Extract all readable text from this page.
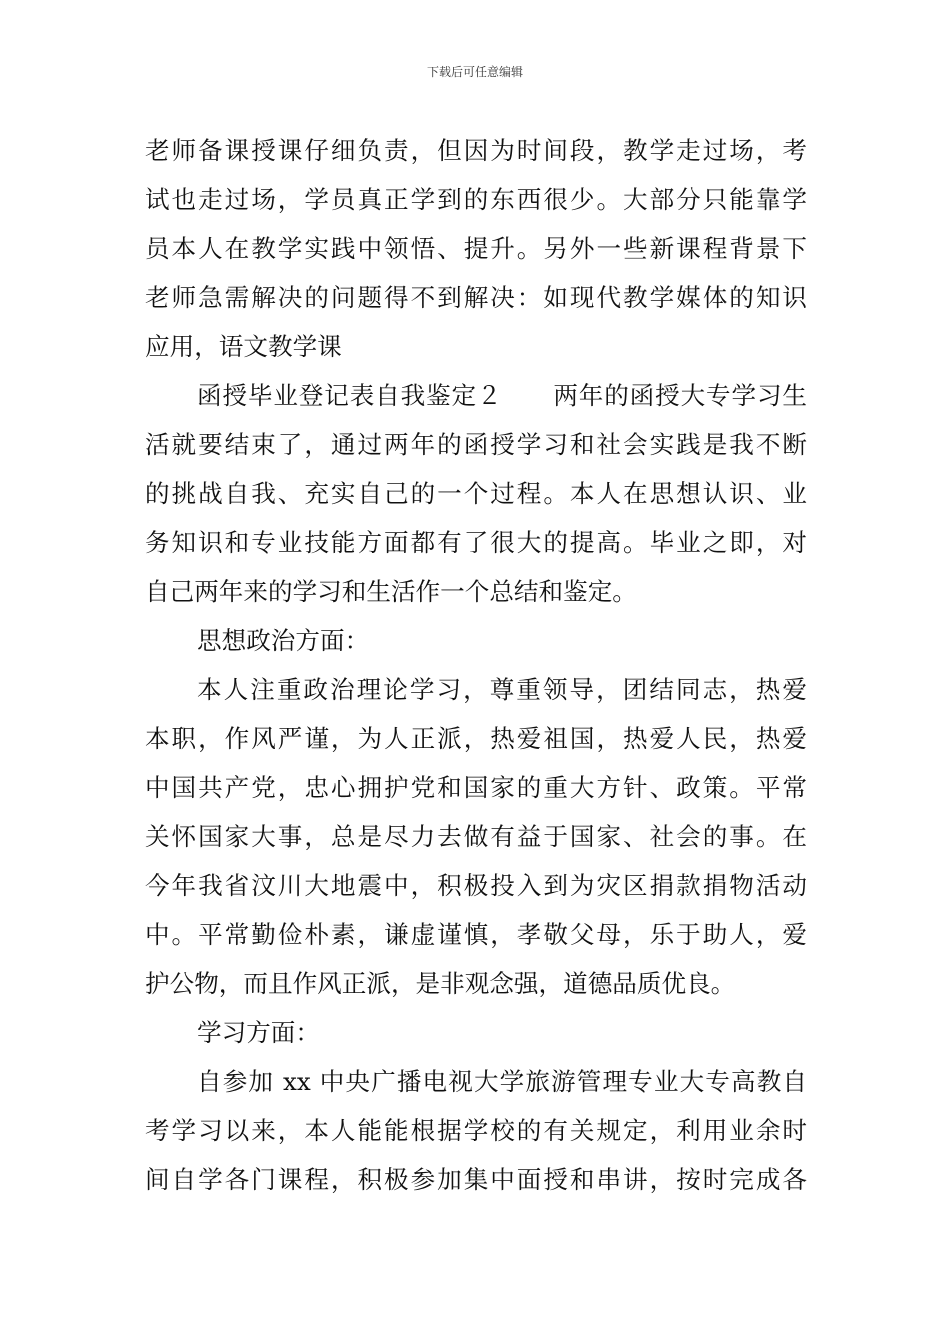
下载后可任意编辑
老师备课授课仔细负责，但因为时间段，教学走过场，考
试也走过场，学员真正学到的东西很少。大部分只能靠学
员本人在教学实践中领悟、提升。另外一些新课程背景下
老师急需解决的问题得不到解决：如现代教学媒体的知识
应用，语文教学课
函授毕业登记表自我鉴定２　　两年的函授大专学习生
活就要结束了，通过两年的函授学习和社会实践是我不断
的挑战自我、充实自己的一个过程。本人在思想认识、业
务知识和专业技能方面都有了很大的提高。毕业之即，对
自己两年来的学习和生活作一个总结和鉴定。
思想政治方面：
本人注重政治理论学习，尊重领导，团结同志，热爱
本职，作风严谨，为人正派，热爱祖国，热爱人民，热爱
中国共产党，忠心拥护党和国家的重大方针、政策。平常
关怀国家大事，总是尽力去做有益于国家、社会的事。在
今年我省汶川大地震中，积极投入到为灾区捐款捐物活动
中。平常勤俭朴素，谦虚谨慎，孝敬父母，乐于助人，爱
护公物，而且作风正派，是非观念强，道德品质优良。
学习方面：
自参加 xx 中央广播电视大学旅游管理专业大专高教自
考学习以来，本人能能根据学校的有关规定，利用业余时
间自学各门课程，积极参加集中面授和串讲，按时完成各
